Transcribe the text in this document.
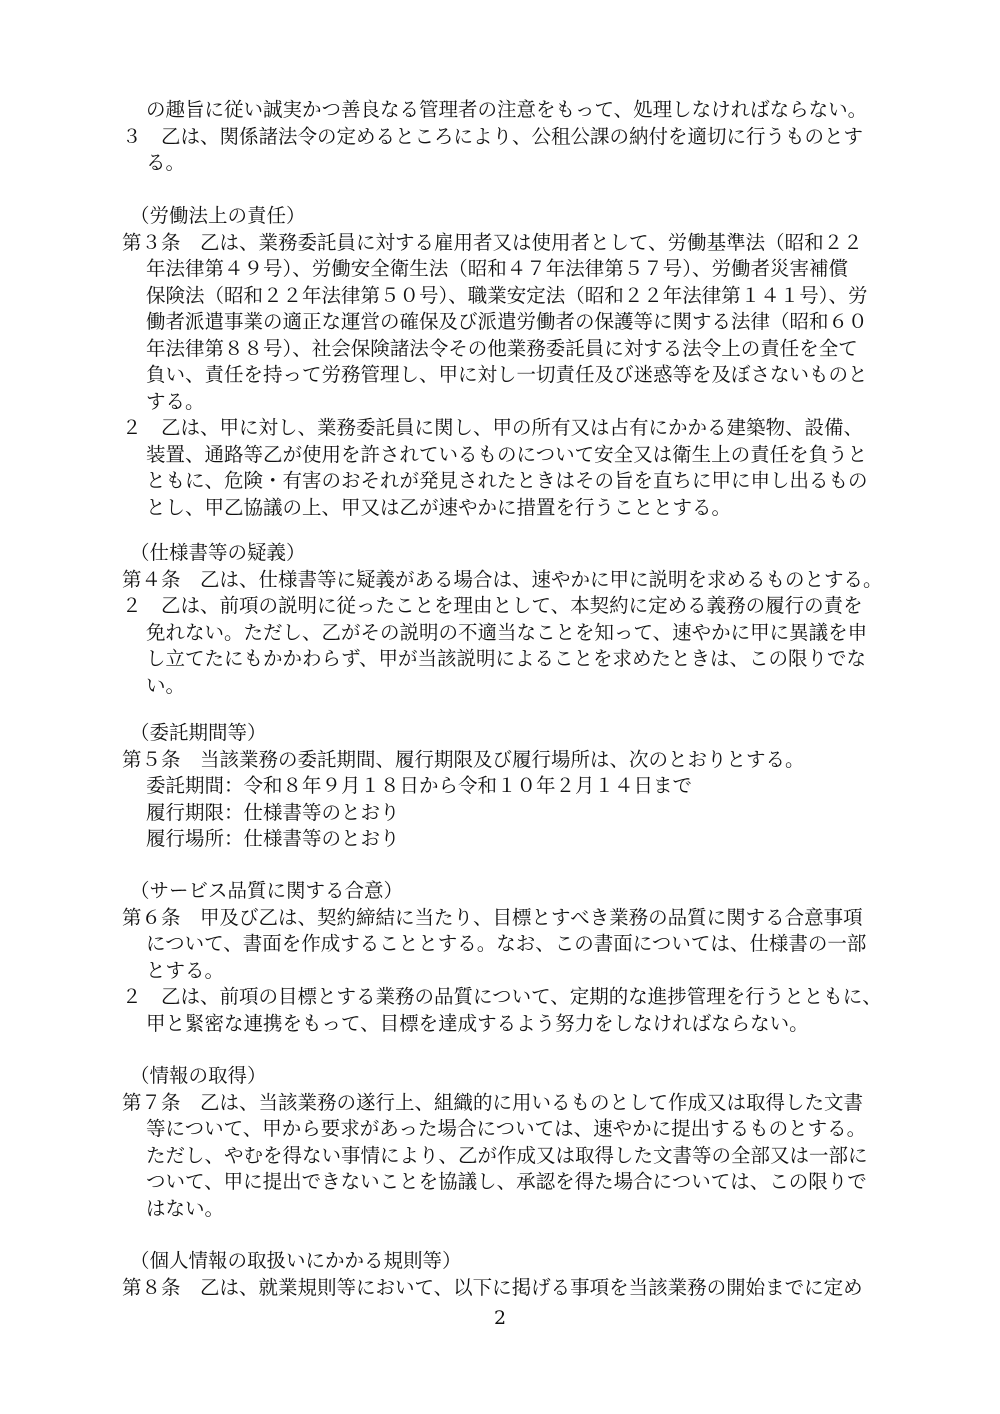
の趣旨に従い誠実かつ善良なる管理者の注意をもって、処理しなければならない。
３　乙は、関係諸法令の定めるところにより、公租公課の納付を適切に行うものとす
る。
（労働法上の責任）
第３条　乙は、業務委託員に対する雇用者又は使用者として、労働基準法（昭和２２
年法律第４９号）、労働安全衛生法（昭和４７年法律第５７号）、労働者災害補償
保険法（昭和２２年法律第５０号）、職業安定法（昭和２２年法律第１４１号）、労
働者派遣事業の適正な運営の確保及び派遣労働者の保護等に関する法律（昭和６０
年法律第８８号）、社会保険諸法令その他業務委託員に対する法令上の責任を全て
負い、責任を持って労務管理し、甲に対し一切責任及び迷惑等を及ぼさないものと
する。
２　乙は、甲に対し、業務委託員に関し、甲の所有又は占有にかかる建築物、設備、
装置、通路等乙が使用を許されているものについて安全又は衛生上の責任を負うと
ともに、危険・有害のおそれが発見されたときはその旨を直ちに甲に申し出るもの
とし、甲乙協議の上、甲又は乙が速やかに措置を行うこととする。
（仕様書等の疑義）
第４条　乙は、仕様書等に疑義がある場合は、速やかに甲に説明を求めるものとする。
２　乙は、前項の説明に従ったことを理由として、本契約に定める義務の履行の責を
免れない。ただし、乙がその説明の不適当なことを知って、速やかに甲に異議を申
し立てたにもかかわらず、甲が当該説明によることを求めたときは、この限りでな
い。
（委託期間等）
第５条　当該業務の委託期間、履行期限及び履行場所は、次のとおりとする。
委託期間：令和８年９月１８日から令和１０年２月１４日まで
履行期限：仕様書等のとおり
履行場所：仕様書等のとおり
（サービス品質に関する合意）
第６条　甲及び乙は、契約締結に当たり、目標とすべき業務の品質に関する合意事項
について、書面を作成することとする。なお、この書面については、仕様書の一部
とする。
２　乙は、前項の目標とする業務の品質について、定期的な進捗管理を行うとともに、
甲と緊密な連携をもって、目標を達成するよう努力をしなければならない。
（情報の取得）
第７条　乙は、当該業務の遂行上、組織的に用いるものとして作成又は取得した文書
等について、甲から要求があった場合については、速やかに提出するものとする。
ただし、やむを得ない事情により、乙が作成又は取得した文書等の全部又は一部に
ついて、甲に提出できないことを協議し、承認を得た場合については、この限りで
はない。
（個人情報の取扱いにかかる規則等）
第８条　乙は、就業規則等において、以下に掲げる事項を当該業務の開始までに定め
2
